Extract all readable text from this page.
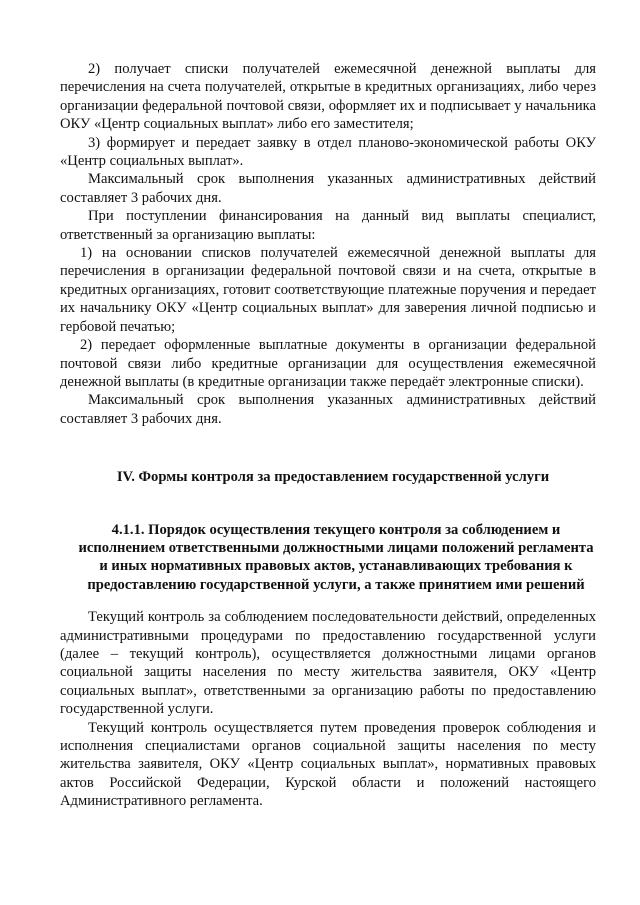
2) получает списки получателей ежемесячной денежной выплаты для перечисления на счета получателей, открытые в кредитных организациях, либо через организации федеральной почтовой связи, оформляет их и подписывает у начальника ОКУ «Центр социальных выплат» либо его заместителя;

3) формирует и передает заявку в отдел планово-экономической работы ОКУ «Центр социальных выплат».

Максимальный срок выполнения указанных административных действий составляет 3 рабочих дня.

При поступлении финансирования на данный вид выплаты специалист, ответственный за организацию выплаты:

1) на основании списков получателей ежемесячной денежной выплаты для перечисления в организации федеральной почтовой связи и на счета, открытые в кредитных организациях, готовит соответствующие платежные поручения и передает их начальнику ОКУ «Центр социальных выплат» для заверения личной подписью и гербовой печатью;

2) передает оформленные выплатные документы в организации федеральной почтовой связи либо кредитные организации для осуществления ежемесячной денежной выплаты (в кредитные организации также передаёт электронные списки).

Максимальный срок выполнения указанных административных действий составляет 3 рабочих дня.

IV. Формы контроля за предоставлением государственной услуги

4.1.1. Порядок осуществления текущего контроля за соблюдением и исполнением ответственными должностными лицами положений регламента и иных нормативных правовых актов, устанавливающих требования к предоставлению государственной услуги, а также принятием ими решений

Текущий контроль за соблюдением последовательности действий, определенных административными процедурами по предоставлению государственной услуги (далее – текущий контроль), осуществляется должностными лицами органов социальной защиты населения по месту жительства заявителя, ОКУ «Центр социальных выплат», ответственными за организацию работы по предоставлению государственной услуги.

Текущий контроль осуществляется путем проведения проверок соблюдения и исполнения специалистами органов социальной защиты населения по месту жительства заявителя, ОКУ «Центр социальных выплат», нормативных правовых актов Российской Федерации, Курской области и положений настоящего Административного регламента.
